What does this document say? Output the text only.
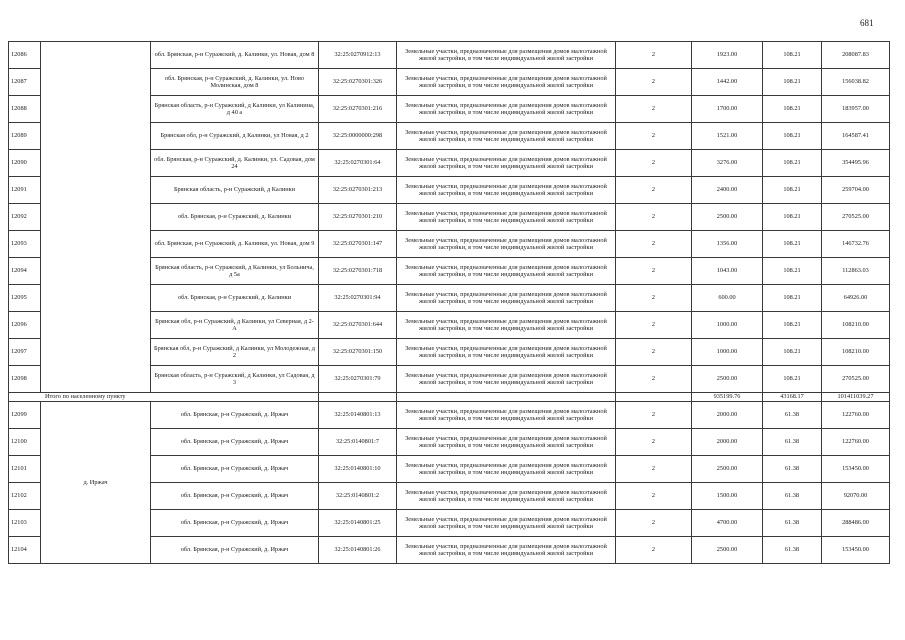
681
12086		обл. Брянская, р-н Суражский, д. Калинки, ул. Новая, дом 8	32:25:0270912:13	Земельные участки, предназначенные для размещения домов малоэтажной жилой застройки, в том числе индивидуальной жилой застройки	2	1923.00	108.21	208087.83
12087		обл. Брянская, р-н Суражский, д. Калинки, ул. Ново Молинская, дом 8	32:25:0270301:326	Земельные участки, предназначенные для размещения домов малоэтажной жилой застройки, в том числе индивидуальной жилой застройки	2	1442.00	108.21	156038.82
12088		Брянская область, р-н Суражский, д Калинки, ул Калинина, д 40 а	32:25:0270301:216	Земельные участки, предназначенные для размещения домов малоэтажной жилой застройки, в том числе индивидуальной жилой застройки	2	1700.00	108.21	183957.00
12089		Брянская обл, р-н Суражский, д Калинки, ул Новая, д 2	32:25:0000000:298	Земельные участки, предназначенные для размещения домов малоэтажной жилой застройки, в том числе индивидуальной жилой застройки	2	1521.00	108.21	164587.41
12090		обл. Брянская, р-н Суражский, д. Калинки, ул. Садовая, дом 24	32:25:0270301:64	Земельные участки, предназначенные для размещения домов малоэтажной жилой застройки, в том числе индивидуальной жилой застройки	2	3276.00	108.21	354495.96
12091		Брянская область, р-н Суражский, д Калинки	32:25:0270301:213	Земельные участки, предназначенные для размещения домов малоэтажной жилой застройки, в том числе индивидуальной жилой застройки	2	2400.00	108.21	259704.00
12092		обл. Брянская, р-н Суражский, д. Калинки	32:25:0270301:210	Земельные участки, предназначенные для размещения домов малоэтажной жилой застройки, в том числе индивидуальной жилой застройки	2	2500.00	108.21	270525.00
12093		обл. Брянская, р-н Суражский, д. Калинки, ул. Новая, дом 9	32:25:0270301:147	Земельные участки, предназначенные для размещения домов малоэтажной жилой застройки, в том числе индивидуальной жилой застройки	2	1356.00	108.21	146732.76
12094		Брянская область, р-н Суражский, д Калинки, ул Больнича, д 5а	32:25:0270301:718	Земельные участки, предназначенные для размещения домов малоэтажной жилой застройки, в том числе индивидуальной жилой застройки	2	1043.00	108.21	112863.03
12095		обл. Брянская, р-н Суражский, д. Калинки	32:25:0270301:94	Земельные участки, предназначенные для размещения домов малоэтажной жилой застройки, в том числе индивидуальной жилой застройки	2	600.00	108.21	64926.00
12096		Брянская обл, р-н Суражский, д Калинки, ул Северная, д 2-А	32:25:0270301:644	Земельные участки, предназначенные для размещения домов малоэтажной жилой застройки, в том числе индивидуальной жилой застройки	2	1000.00	108.21	108210.00
12097		Брянская обл, р-н Суражский, д Калинки, ул Молодежная, д 2	32:25:0270301:150	Земельные участки, предназначенные для размещения домов малоэтажной жилой застройки, в том числе индивидуальной жилой застройки	2	1000.00	108.21	108210.00
12098		Брянская область, р-н Суражский, д Калинки, ул Садовая, д 3	32:25:0270301:79	Земельные участки, предназначенные для размещения домов малоэтажной жилой застройки, в том числе индивидуальной жилой застройки	2	2500.00	108.21	270525.00
Итого по населенному пункту						935199.76	43168.17	101411039.27
12099	д. Иржач	обл. Брянская, р-н Суражский, д. Иржач	32:25:0140801:13	Земельные участки, предназначенные для размещения домов малоэтажной жилой застройки, в том числе индивидуальной жилой застройки	2	2000.00	61.38	122760.00
12100		обл. Брянская, р-н Суражский, д. Иржач	32:25:0140801:7	Земельные участки, предназначенные для размещения домов малоэтажной жилой застройки, в том числе индивидуальной жилой застройки	2	2000.00	61.38	122760.00
12101		обл. Брянская, р-н Суражский, д. Иржач	32:25:0140801:10	Земельные участки, предназначенные для размещения домов малоэтажной жилой застройки, в том числе индивидуальной жилой застройки	2	2500.00	61.38	153450.00
12102		обл. Брянская, р-н Суражский, д. Иржач	32:25:0140801:2	Земельные участки, предназначенные для размещения домов малоэтажной жилой застройки, в том числе индивидуальной жилой застройки	2	1500.00	61.38	92070.00
12103		обл. Брянская, р-н Суражский, д. Иржач	32:25:0140801:25	Земельные участки, предназначенные для размещения домов малоэтажной жилой застройки, в том числе индивидуальной жилой застройки	2	4700.00	61.38	288486.00
12104		обл. Брянская, р-н Суражский, д. Иржач	32:25:0140801:26	Земельные участки, предназначенные для размещения домов малоэтажной жилой застройки, в том числе индивидуальной жилой застройки	2	2500.00	61.38	153450.00
